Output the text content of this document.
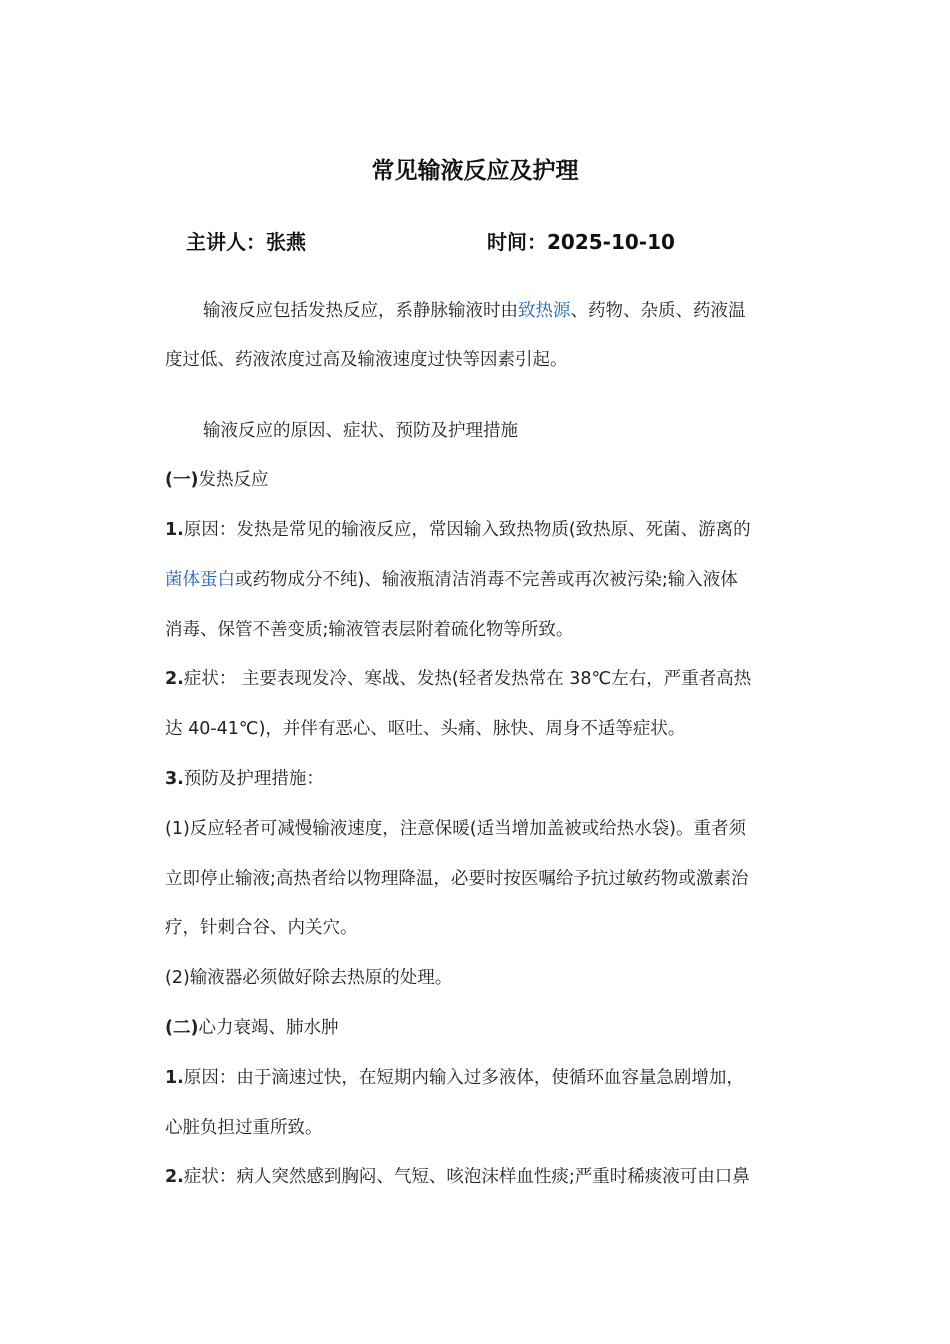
常见输液反应及护理
主讲人：张燕	时间：2025-10-10
输液反应包括发热反应，系静脉输液时由致热源、药物、杂质、药液温
度过低、药液浓度过高及输液速度过快等因素引起。
输液反应的原因、症状、预防及护理措施
(一)发热反应
1.原因：发热是常见的输液反应，常因输入致热物质(致热原、死菌、游离的
菌体蛋白或药物成分不纯)、输液瓶清洁消毒不完善或再次被污染;输入液体
消毒、保管不善变质;输液管表层附着硫化物等所致。
2.症状： 主要表现发冷、寒战、发热(轻者发热常在 38℃左右，严重者高热
达 40-41℃)，并伴有恶心、呕吐、头痛、脉快、周身不适等症状。
3.预防及护理措施：
(1)反应轻者可减慢输液速度，注意保暖(适当增加盖被或给热水袋)。重者须
立即停止输液;高热者给以物理降温，必要时按医嘱给予抗过敏药物或激素治
疗，针刺合谷、内关穴。
(2)输液器必须做好除去热原的处理。
(二)心力衰竭、肺水肿
1.原因：由于滴速过快，在短期内输入过多液体，使循环血容量急剧增加，
心脏负担过重所致。
2.症状：病人突然感到胸闷、气短、咳泡沫样血性痰;严重时稀痰液可由口鼻
